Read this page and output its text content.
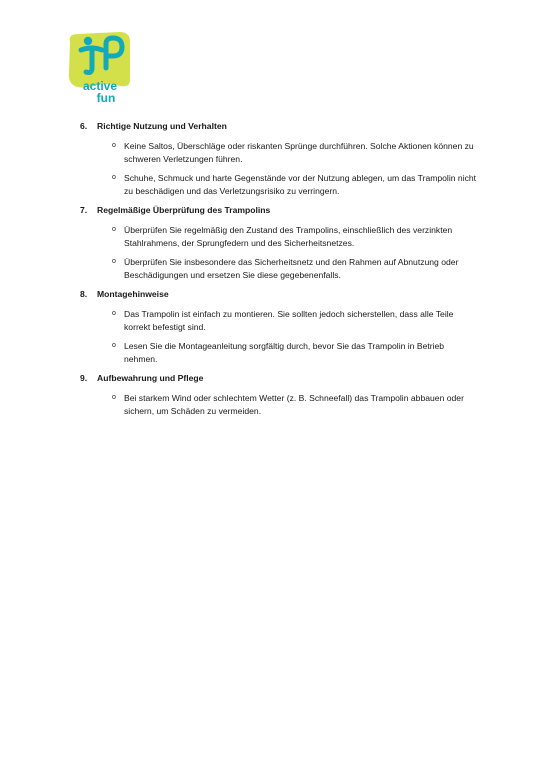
active
fun
6.	Richtige Nutzung und Verhalten
o Keine Saltos, Überschläge oder riskanten Sprünge durchführen. Solche Aktionen können zu schweren Verletzungen führen.
o Schuhe, Schmuck und harte Gegenstände vor der Nutzung ablegen, um das Trampolin nicht zu beschädigen und das Verletzungsrisiko zu verringern.
7.	Regelmäßige Überprüfung des Trampolins
o Überprüfen Sie regelmäßig den Zustand des Trampolins, einschließlich des verzinkten Stahlrahmens, der Sprungfedern und des Sicherheitsnetzes.
o Überprüfen Sie insbesondere das Sicherheitsnetz und den Rahmen auf Abnutzung oder Beschädigungen und ersetzen Sie diese gegebenenfalls.
8.	Montagehinweise
o Das Trampolin ist einfach zu montieren. Sie sollten jedoch sicherstellen, dass alle Teile korrekt befestigt sind.
o Lesen Sie die Montageanleitung sorgfältig durch, bevor Sie das Trampolin in Betrieb nehmen.
9.	Aufbewahrung und Pflege
o Bei starkem Wind oder schlechtem Wetter (z. B. Schneefall) das Trampolin abbauen oder sichern, um Schäden zu vermeiden.
